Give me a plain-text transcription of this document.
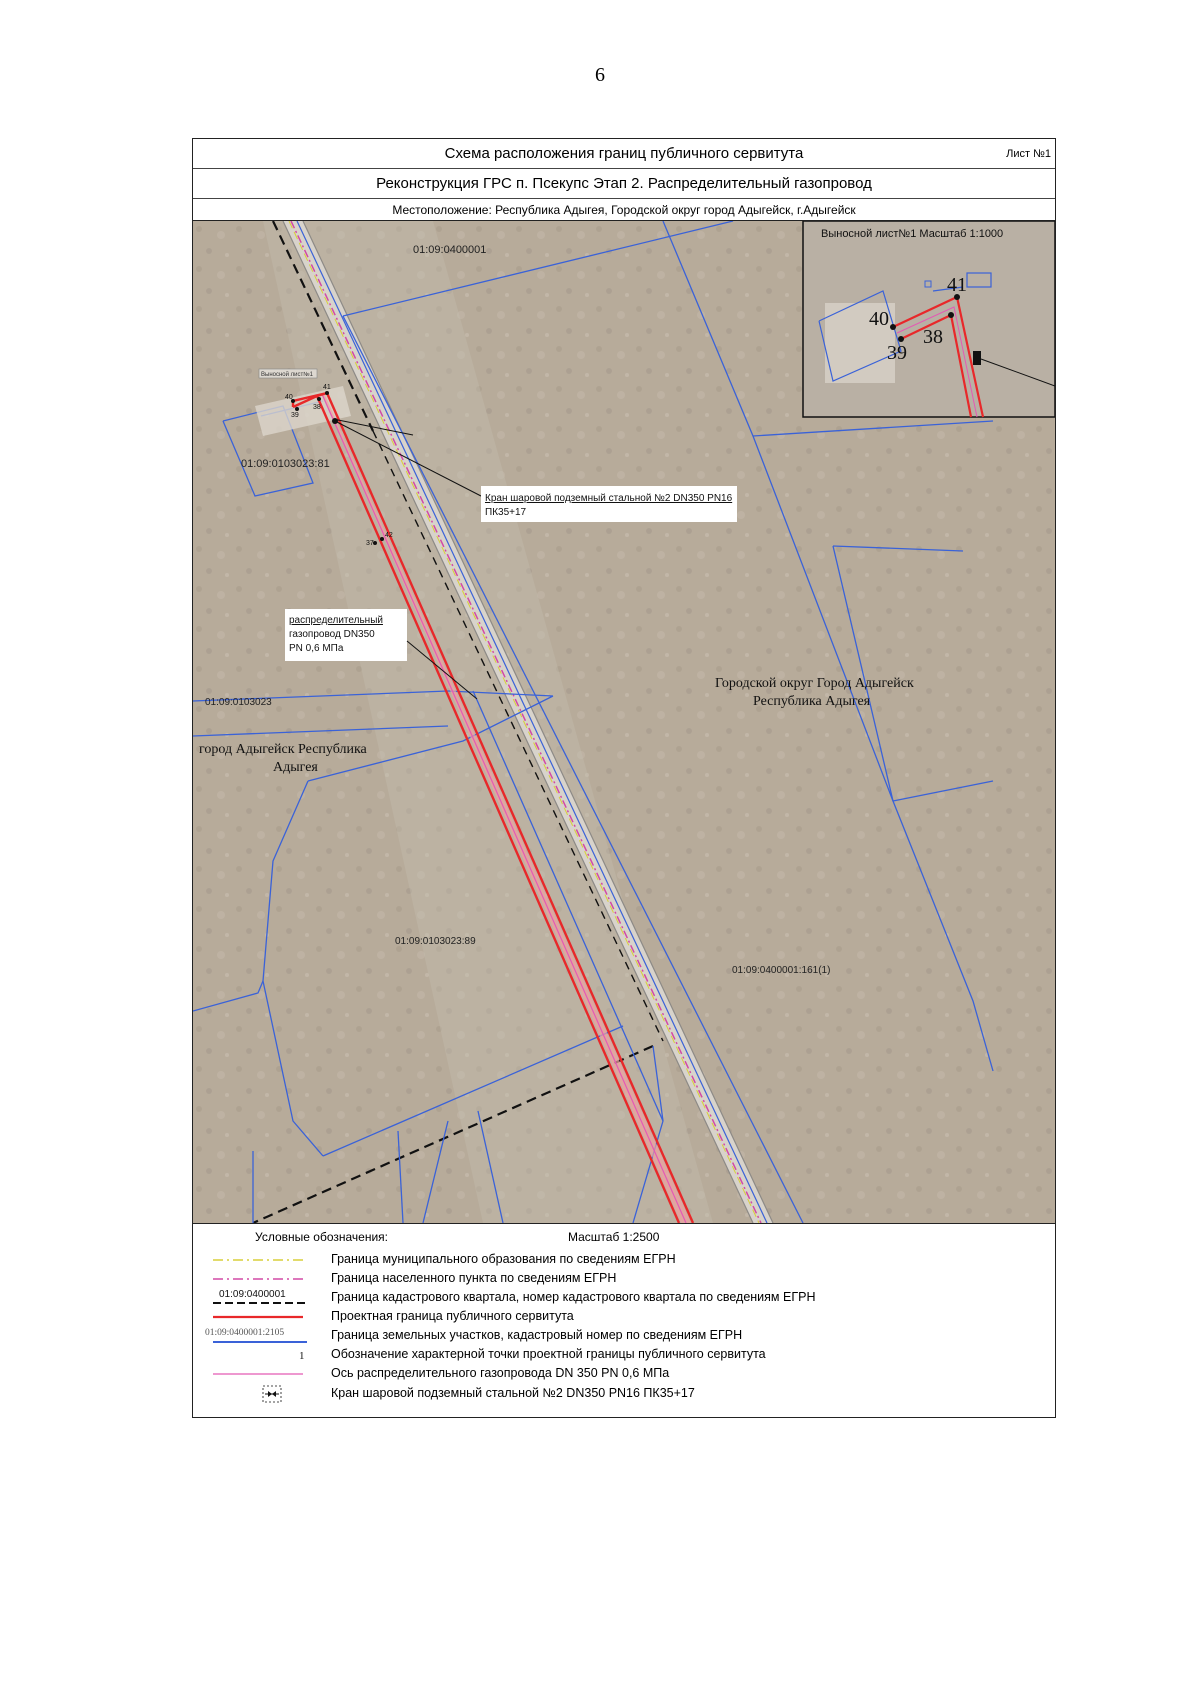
6
Схема расположения границ публичного сервитута	Лист №1
Реконструкция ГРС п. Псекупс Этап 2. Распределительный газопровод
Местоположение: Республика Адыгея, Городской округ город Адыгейск, г.Адыгейск
Выносной лист№1
41
40
39
38
42
37
01:09:0400001
01:09:0103023:81
01:09:0103023
01:09:0103023:89
01:09:0400001:161(1)
Городской округ Город Адыгейск
Республика Адыгея
город Адыгейск Республика
Адыгея
Кран шаровой подземный стальной №2 DN350 PN16
ПК35+17
распределительный
газопровод DN350
PN 0,6 МПа
Выносной лист№1 Масштаб 1:1000
41
40
38
39
Условные обозначения:	Масштаб 1:2500
Граница муниципального образования по сведениям ЕГРН
Граница населенного пункта по сведениям ЕГРН
01:09:0400001	Граница кадастрового квартала, номер кадастрового квартала по сведениям ЕГРН
Проектная граница публичного сервитута
01:09:0400001:2105	Граница земельных участков, кадастровый номер по сведениям ЕГРН
1 Обозначение характерной точки проектной границы публичного сервитута
Ось распределительного газопровода DN 350 PN 0,6 МПа
Кран шаровой подземный стальной №2 DN350 PN16 ПК35+17
